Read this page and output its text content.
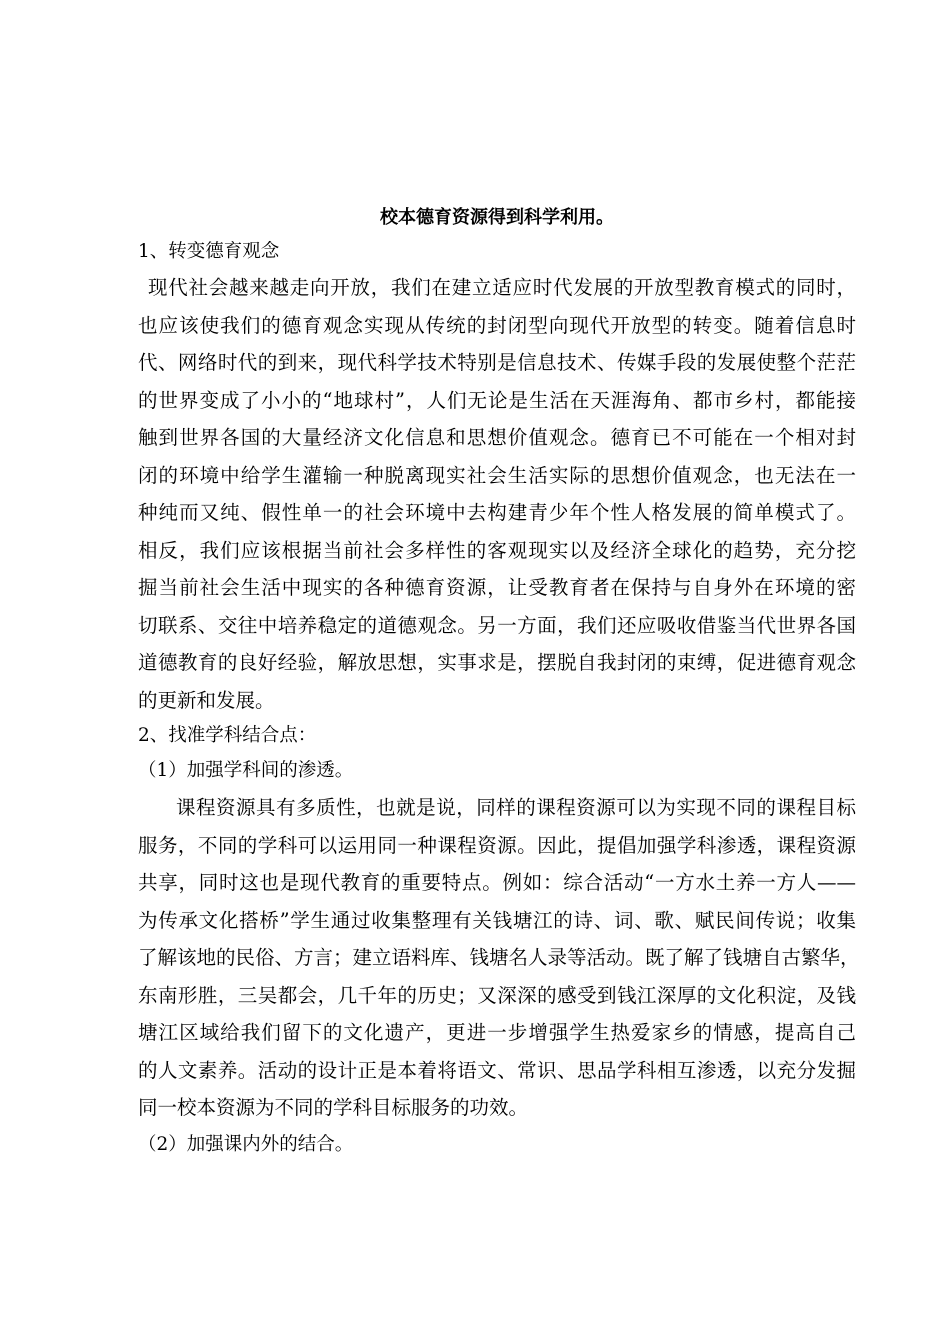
校本德育资源得到科学利用。
1、转变德育观念
现代社会越来越走向开放，我们在建立适应时代发展的开放型教育模式的同时，
也应该使我们的德育观念实现从传统的封闭型向现代开放型的转变。随着信息时
代、网络时代的到来，现代科学技术特别是信息技术、传媒手段的发展使整个茫茫
的世界变成了小小的“地球村”，人们无论是生活在天涯海角、都市乡村，都能接
触到世界各国的大量经济文化信息和思想价值观念。德育已不可能在一个相对封
闭的环境中给学生灌输一种脱离现实社会生活实际的思想价值观念，也无法在一
种纯而又纯、假性单一的社会环境中去构建青少年个性人格发展的简单模式了。
相反，我们应该根据当前社会多样性的客观现实以及经济全球化的趋势，充分挖
掘当前社会生活中现实的各种德育资源，让受教育者在保持与自身外在环境的密
切联系、交往中培养稳定的道德观念。另一方面，我们还应吸收借鉴当代世界各国
道德教育的良好经验，解放思想，实事求是，摆脱自我封闭的束缚，促进德育观念
的更新和发展。
2、找准学科结合点：
（1）加强学科间的渗透。
课程资源具有多质性，也就是说，同样的课程资源可以为实现不同的课程目标
服务，不同的学科可以运用同一种课程资源。因此，提倡加强学科渗透，课程资源
共享，同时这也是现代教育的重要特点。例如：综合活动“一方水土养一方人——
为传承文化搭桥”学生通过收集整理有关钱塘江的诗、词、歌、赋民间传说；收集
了解该地的民俗、方言；建立语料库、钱塘名人录等活动。既了解了钱塘自古繁华，
东南形胜，三吴都会，几千年的历史；又深深的感受到钱江深厚的文化积淀，及钱
塘江区域给我们留下的文化遗产，更进一步增强学生热爱家乡的情感，提高自己
的人文素养。活动的设计正是本着将语文、常识、思品学科相互渗透，以充分发掘
同一校本资源为不同的学科目标服务的功效。
（2）加强课内外的结合。
